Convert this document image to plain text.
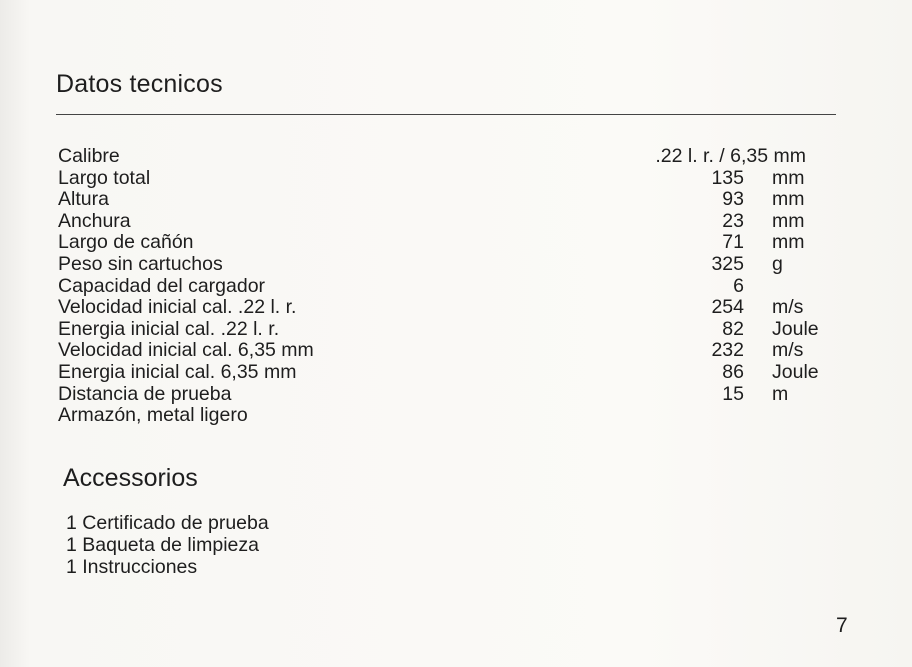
Datos tecnicos
Calibre	.22 l. r. / 6,35 mm
Largo total	135 mm
Altura	93 mm
Anchura	23 mm
Largo de cañón	71 mm
Peso sin cartuchos	325 g
Capacidad del cargador	6
Velocidad inicial cal. .22 l. r.	254 m/s
Energia inicial cal. .22 l. r.	82 Joule
Velocidad inicial cal. 6,35 mm	232 m/s
Energia inicial cal. 6,35 mm	86 Joule
Distancia de prueba	15 m
Armazón, metal ligero
Accessorios
1 Certificado de prueba
1 Baqueta de limpieza
1 Instrucciones
7
